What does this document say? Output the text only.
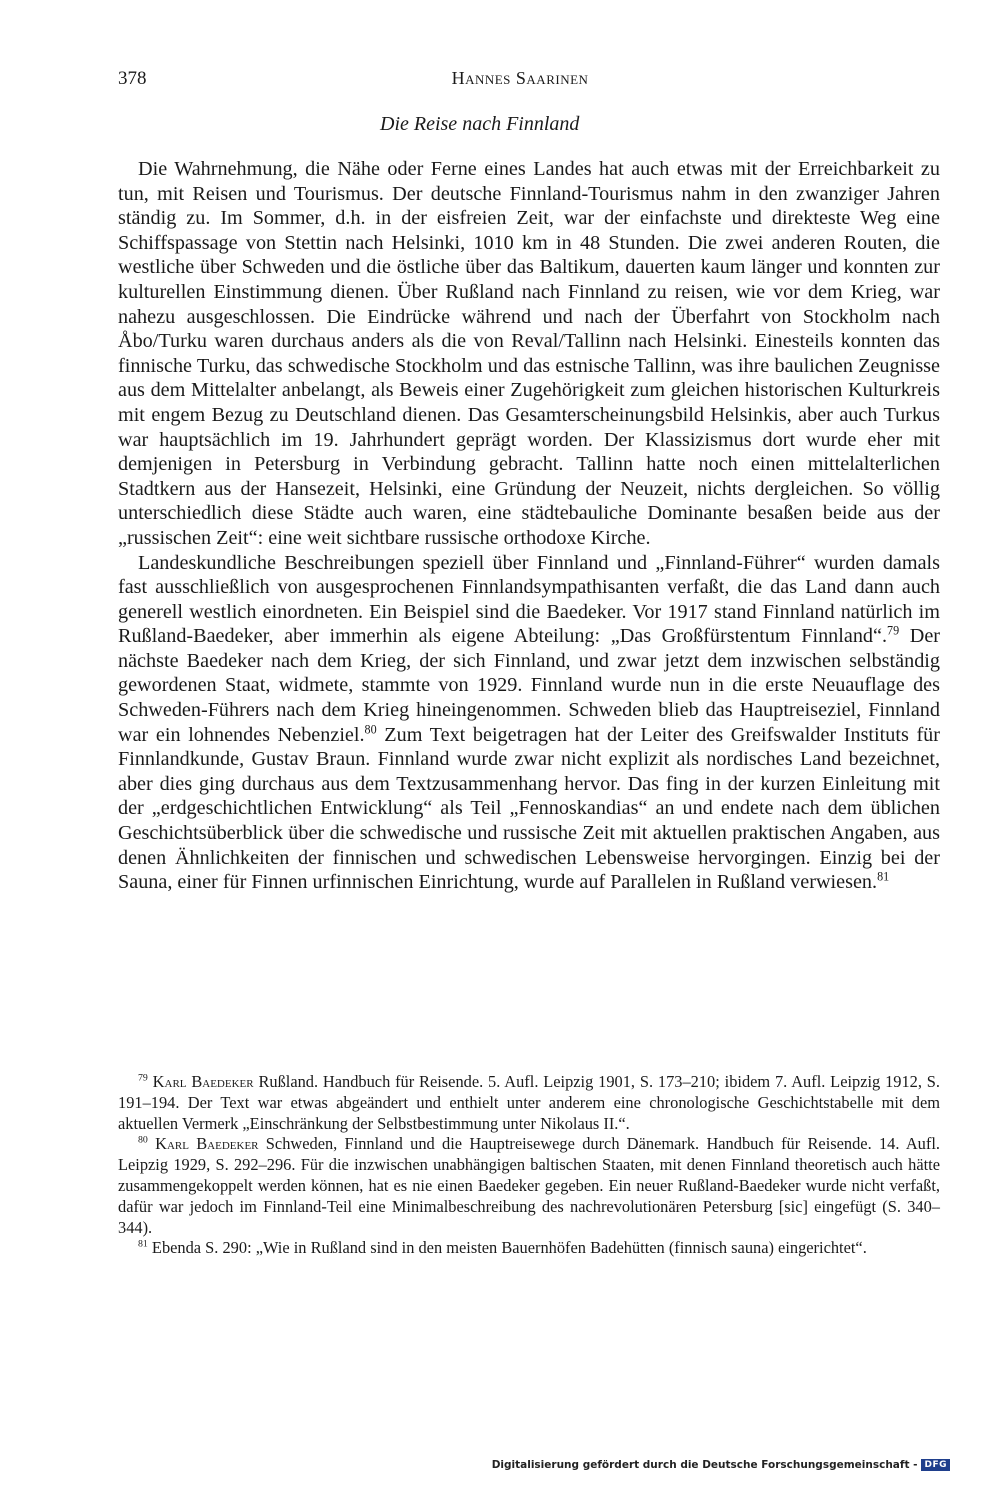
378	Hannes Saarinen
Die Reise nach Finnland

Die Wahrnehmung, die Nähe oder Ferne eines Landes hat auch etwas mit der Erreichbarkeit zu tun, mit Reisen und Tourismus. Der deutsche Finnland-Tourismus nahm in den zwanziger Jahren ständig zu. Im Sommer, d.h. in der eisfreien Zeit, war der einfachste und direkteste Weg eine Schiffspassage von Stettin nach Helsinki, 1010 km in 48 Stunden. Die zwei anderen Routen, die westliche über Schweden und die östliche über das Baltikum, dauerten kaum länger und konnten zur kulturellen Einstimmung dienen. Über Rußland nach Finnland zu reisen, wie vor dem Krieg, war nahezu ausgeschlossen. Die Eindrücke während und nach der Überfahrt von Stockholm nach Åbo/Turku waren durchaus anders als die von Reval/Tallinn nach Helsinki. Einesteils konnten das finnische Turku, das schwedische Stockholm und das estnische Tallinn, was ihre baulichen Zeugnisse aus dem Mittelalter anbelangt, als Beweis einer Zugehörigkeit zum gleichen historischen Kulturkreis mit engem Bezug zu Deutschland dienen. Das Gesamterscheinungsbild Helsinkis, aber auch Turkus war hauptsächlich im 19. Jahrhundert geprägt worden. Der Klassizismus dort wurde eher mit demjenigen in Petersburg in Verbindung gebracht. Tallinn hatte noch einen mittelalterlichen Stadtkern aus der Hansezeit, Helsinki, eine Gründung der Neuzeit, nichts dergleichen. So völlig unterschiedlich diese Städte auch waren, eine städtebauliche Dominante besaßen beide aus der „russischen Zeit“: eine weit sichtbare russische orthodoxe Kirche.

Landeskundliche Beschreibungen speziell über Finnland und „Finnland-Führer“ wurden damals fast ausschließlich von ausgesprochenen Finnlandsympathisanten verfaßt, die das Land dann auch generell westlich einordneten. Ein Beispiel sind die Baedeker. Vor 1917 stand Finnland natürlich im Rußland-Baedeker, aber immerhin als eigene Abteilung: „Das Großfürstentum Finnland“.$^{79}$ Der nächste Baedeker nach dem Krieg, der sich Finnland, und zwar jetzt dem inzwischen selbständig gewordenen Staat, widmete, stammte von 1929. Finnland wurde nun in die erste Neuauflage des Schweden-Führers nach dem Krieg hineingenommen. Schweden blieb das Hauptreiseziel, Finnland war ein lohnendes Nebenziel.$^{80}$ Zum Text beigetragen hat der Leiter des Greifswalder Instituts für Finnlandkunde, Gustav Braun. Finnland wurde zwar nicht explizit als nordisches Land bezeichnet, aber dies ging durchaus aus dem Textzusammenhang hervor. Das fing in der kurzen Einleitung mit der „erdgeschichtlichen Entwicklung“ als Teil „Fennoskandias“ an und endete nach dem üblichen Geschichtsüberblick über die schwedische und russische Zeit mit aktuellen praktischen Angaben, aus denen Ähnlichkeiten der finnischen und schwedischen Lebensweise hervorgingen. Einzig bei der Sauna, einer für Finnen urfinnischen Einrichtung, wurde auf Parallelen in Rußland verwiesen.$^{81}$

$^{79}$ Karl Baedeker Rußland. Handbuch für Reisende. 5. Aufl. Leipzig 1901, S. 173–210; ibidem 7. Aufl. Leipzig 1912, S. 191–194. Der Text war etwas abgeändert und enthielt unter anderem eine chronologische Geschichtstabelle mit dem aktuellen Vermerk „Einschränkung der Selbstbestimmung unter Nikolaus II.“.

$^{80}$ Karl Baedeker Schweden, Finnland und die Hauptreisewege durch Dänemark. Handbuch für Reisende. 14. Aufl. Leipzig 1929, S. 292–296. Für die inzwischen unabhängigen baltischen Staaten, mit denen Finnland theoretisch auch hätte zusammengekoppelt werden können, hat es nie einen Baedeker gegeben. Ein neuer Rußland-Baedeker wurde nicht verfaßt, dafür war jedoch im Finnland-Teil eine Minimalbeschreibung des nachrevolutionären Petersburg [sic] eingefügt (S. 340–344).

$^{81}$ Ebenda S. 290: „Wie in Rußland sind in den meisten Bauernhöfen Badehütten (finnisch sauna) eingerichtet“.

Digitalisierung gefördert durch die Deutsche Forschungsgemeinschaft - DFG
